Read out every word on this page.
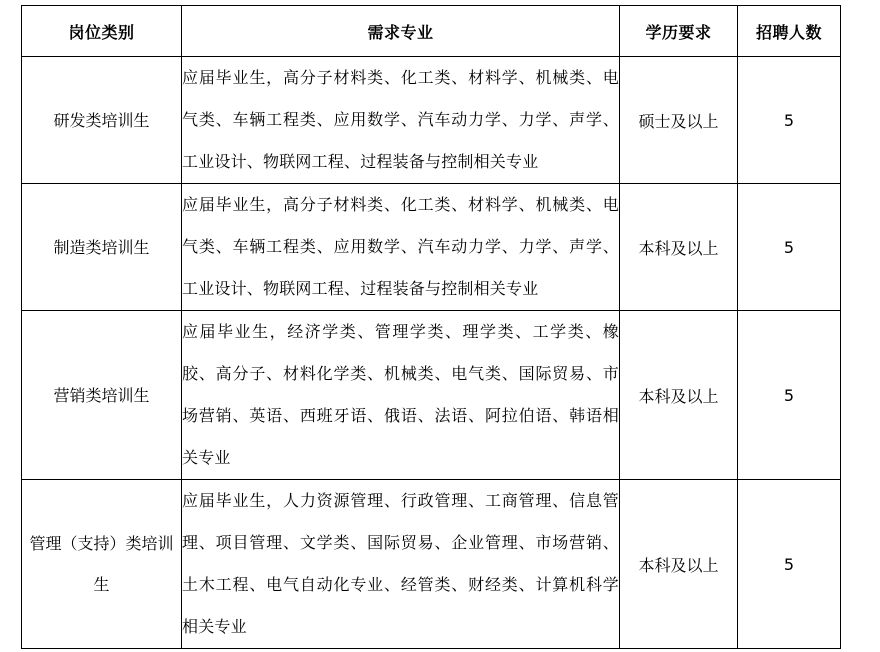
岗位类别	需求专业	学历要求	招聘人数
研发类培训生	应届毕业生，高分子材料类、化工类、材料学、机械类、电气类、车辆工程类、应用数学、汽车动力学、力学、声学、工业设计、物联网工程、过程装备与控制相关专业	硕士及以上	5
制造类培训生	应届毕业生，高分子材料类、化工类、材料学、机械类、电气类、车辆工程类、应用数学、汽车动力学、力学、声学、工业设计、物联网工程、过程装备与控制相关专业	本科及以上	5
营销类培训生	应届毕业生，经济学类、管理学类、理学类、工学类、橡胶、高分子、材料化学类、机械类、电气类、国际贸易、市场营销、英语、西班牙语、俄语、法语、阿拉伯语、韩语相关专业	本科及以上	5
管理（支持）类培训生	应届毕业生，人力资源管理、行政管理、工商管理、信息管理、项目管理、文学类、国际贸易、企业管理、市场营销、土木工程、电气自动化专业、经管类、财经类、计算机科学相关专业	本科及以上	5
